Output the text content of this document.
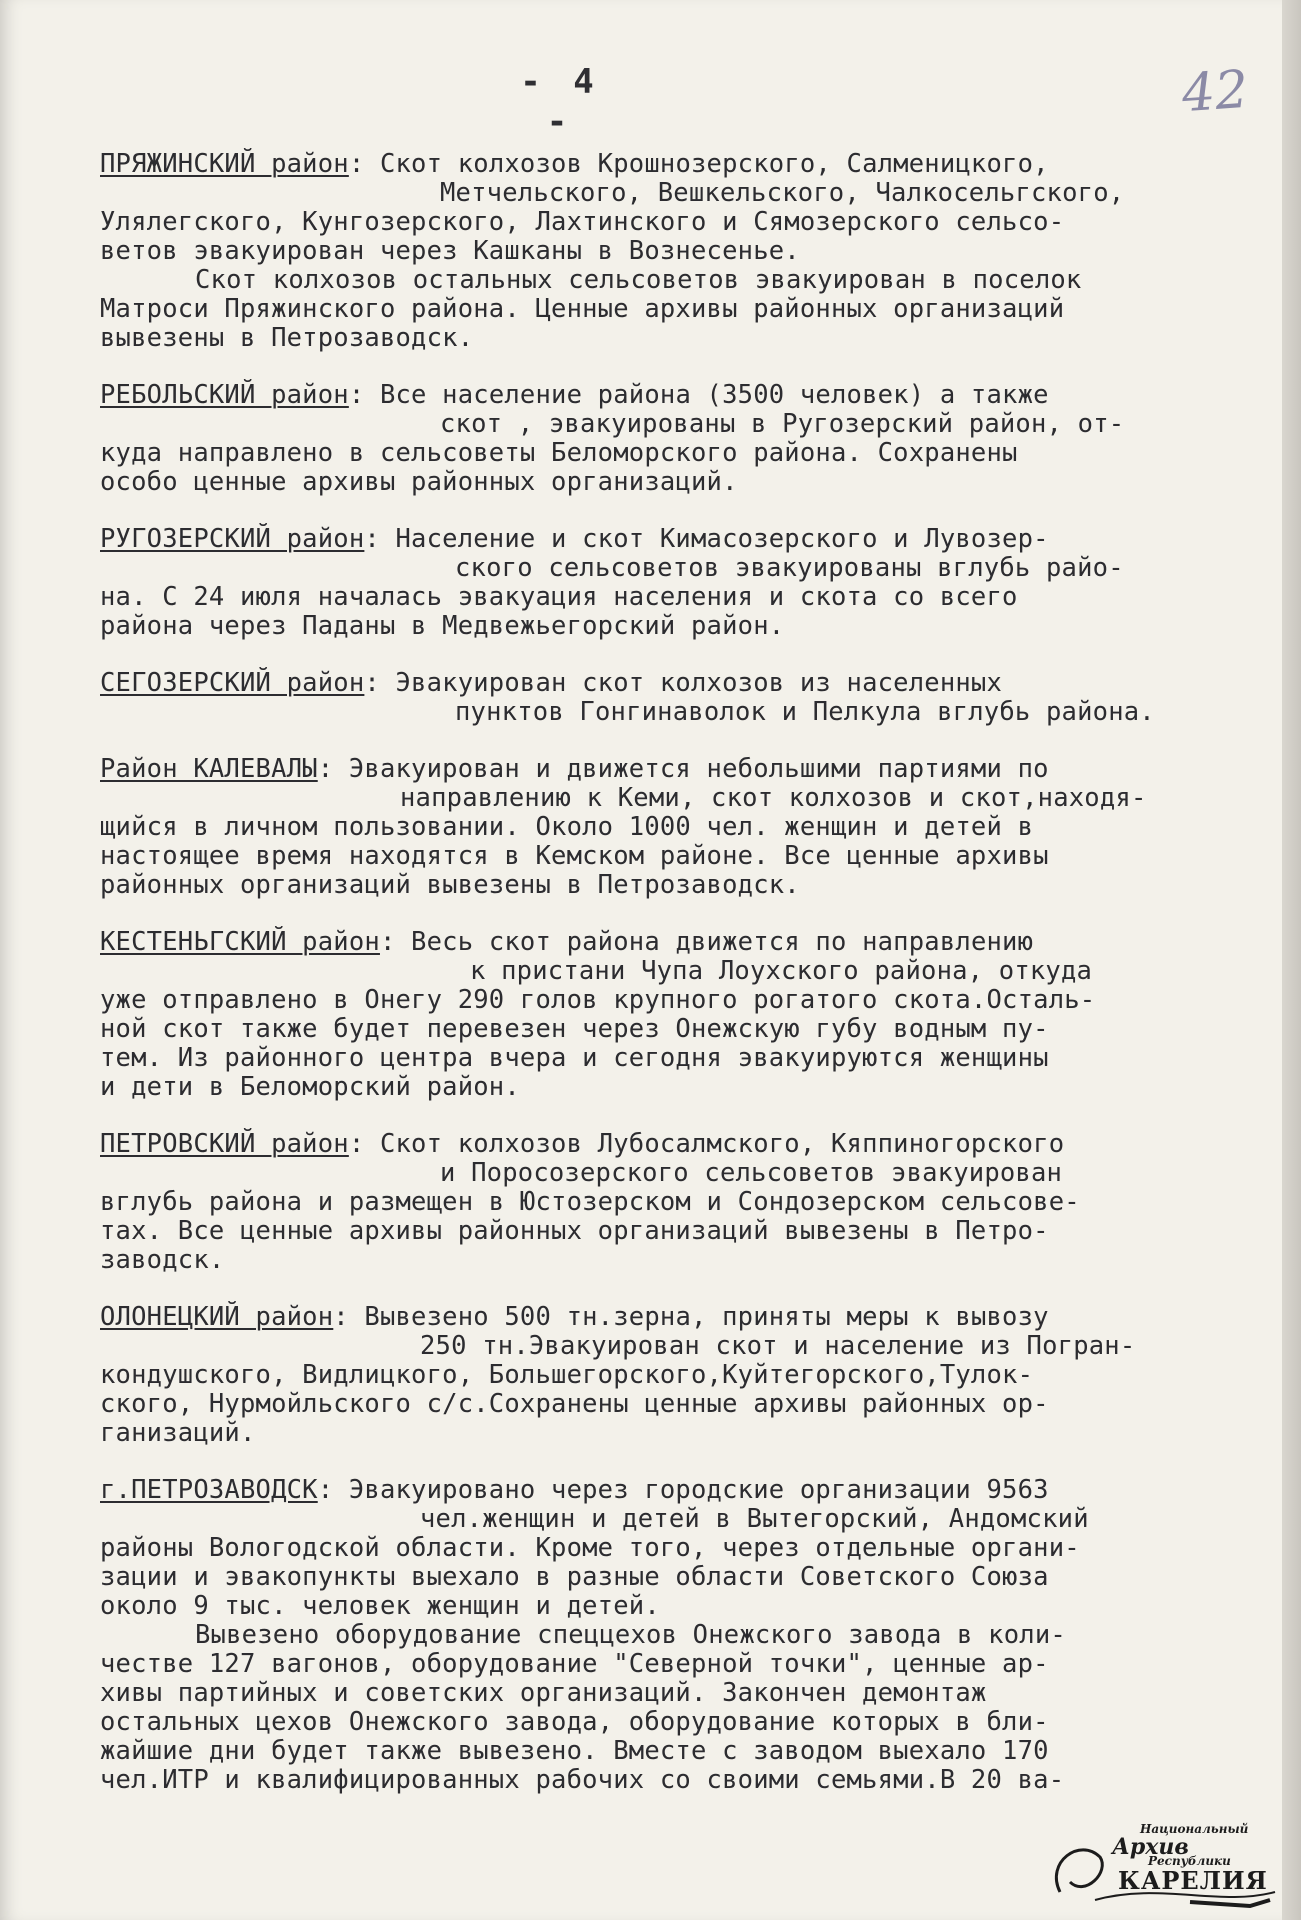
- 4 -	42
ПРЯЖИНСКИЙ район: Скот колхозов Крошнозерского, Салменицкого,
Метчельского, Вешкельского, Чалкосельгского,
Улялегского, Кунгозерского, Лахтинского и Сямозерского сельсо-
ветов эвакуирован через Кашканы в Вознесенье.
Скот колхозов остальных сельсоветов эвакуирован в поселок
Матроси Пряжинского района. Ценные архивы районных организаций
вывезены в Петрозаводск.
РЕБОЛЬСКИЙ район: Все население района (3500 человек) а также
скот , эвакуированы в Ругозерский район, от-
куда направлено в сельсоветы Беломорского района. Сохранены
особо ценные архивы районных организаций.
РУГОЗЕРСКИЙ район: Население и скот Кимасозерского и Лувозер-
ского сельсоветов эвакуированы вглубь райо-
на. С 24 июля началась эвакуация населения и скота со всего
района через Паданы в Медвежьегорский район.
СЕГОЗЕРСКИЙ район: Эвакуирован скот колхозов из населенных
пунктов Гонгинаволок и Пелкула вглубь района.
Район КАЛЕВАЛЫ: Эвакуирован и движется небольшими партиями по
направлению к Кеми, скот колхозов и скот,находя-
щийся в личном пользовании. Около 1000 чел. женщин и детей в
настоящее время находятся в Кемском районе. Все ценные архивы
районных организаций вывезены в Петрозаводск.
КЕСТЕНЬГСКИЙ район: Весь скот района движется по направлению
к пристани Чупа Лоухского района, откуда
уже отправлено в Онегу 290 голов крупного рогатого скота.Осталь-
ной скот также будет перевезен через Онежскую губу водным пу-
тем. Из районного центра вчера и сегодня эвакуируются женщины
и дети в Беломорский район.
ПЕТРОВСКИЙ район: Скот колхозов Лубосалмского, Кяппиногорского
и Поросозерского сельсоветов эвакуирован
вглубь района и размещен в Юстозерском и Сондозерском сельсове-
тах. Все ценные архивы районных организаций вывезены в Петро-
заводск.
ОЛОНЕЦКИЙ район: Вывезено 500 тн.зерна, приняты меры к вывозу
250 тн.Эвакуирован скот и население из Погран-
кондушского, Видлицкого, Большегорского,Куйтегорского,Тулок-
ского, Нурмойльского с/с.Сохранены ценные архивы районных ор-
ганизаций.
г.ПЕТРОЗАВОДСК: Эвакуировано через городские организации 9563
чел.женщин и детей в Вытегорский, Андомский
районы Вологодской области. Кроме того, через отдельные органи-
зации и эвакопункты выехало в разные области Советского Союза
около 9 тыс. человек женщин и детей.
Вывезено оборудование спеццехов Онежского завода в коли-
честве 127 вагонов, оборудование "Северной точки", ценные ар-
хивы партийных и советских организаций. Закончен демонтаж
остальных цехов Онежского завода, оборудование которых в бли-
жайшие дни будет также вывезено. Вместе с заводом выехало 170
чел.ИТР и квалифицированных рабочих со своими семьями.В 20 ва-
Национальный
Архив
Республики
КАРЕЛИЯ
